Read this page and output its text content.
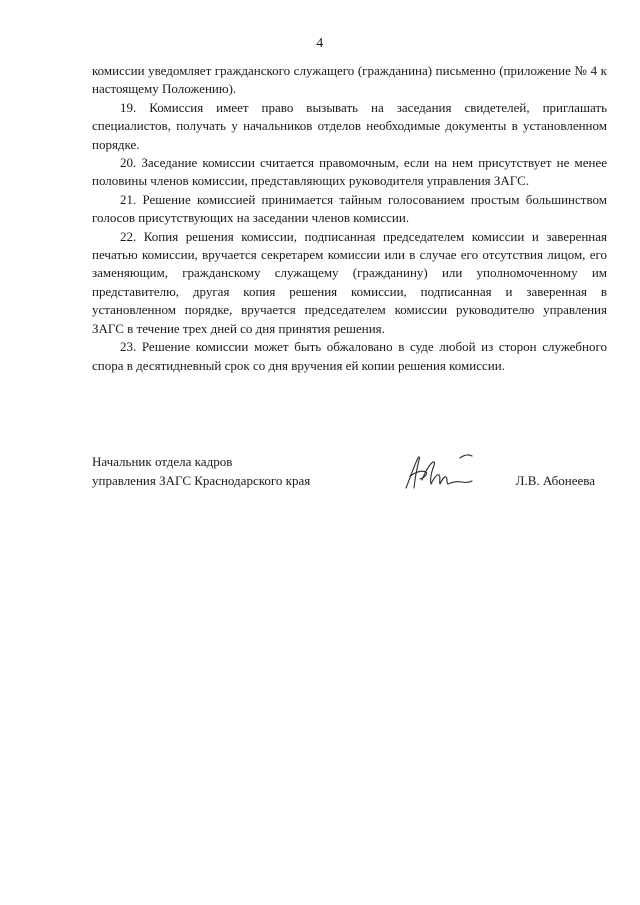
4

комиссии уведомляет гражданского служащего (гражданина) письменно (приложение № 4 к настоящему Положению).

19. Комиссия имеет право вызывать на заседания свидетелей, приглашать специалистов, получать у начальников отделов необходимые документы в установленном порядке.

20. Заседание комиссии считается правомочным, если на нем присутствует не менее половины членов комиссии, представляющих руководителя управления ЗАГС.

21. Решение комиссией принимается тайным голосованием простым большинством голосов присутствующих на заседании членов комиссии.

22. Копия решения комиссии, подписанная председателем комиссии и заверенная печатью комиссии, вручается секретарем комиссии или в случае его отсутствия лицом, его заменяющим, гражданскому служащему (гражданину) или уполномоченному им представителю, другая копия решения комиссии, подписанная и заверенная в установленном порядке, вручается председателем комиссии руководителю управления ЗАГС в течение трех дней со дня принятия решения.

23. Решение комиссии может быть обжаловано в суде любой из сторон служебного спора в десятидневный срок со дня вручения ей копии решения комиссии.

Начальник отдела кадров
управления ЗАГС Краснодарского края	Л.В. Абонеева
